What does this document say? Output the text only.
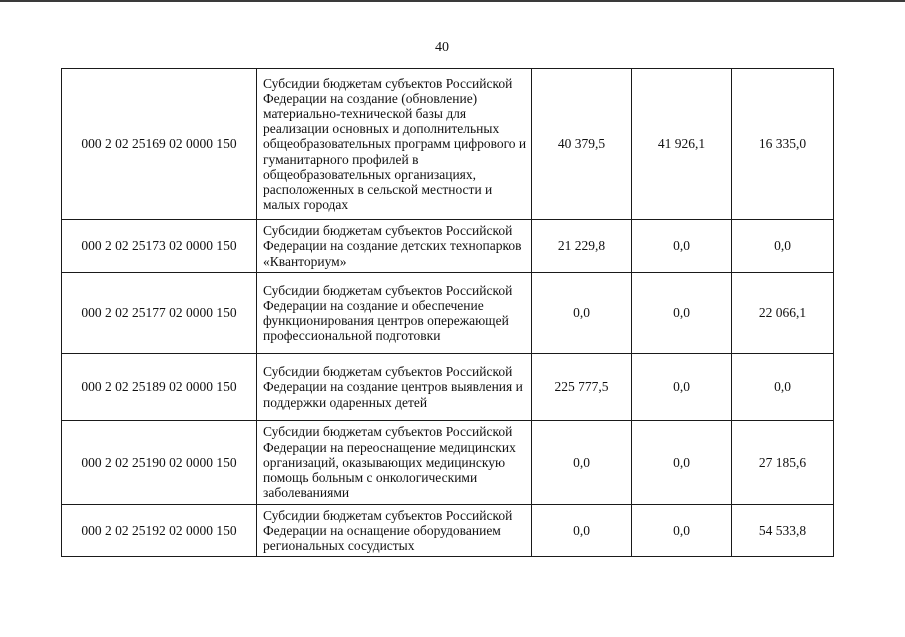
40
000 2 02 25169 02 0000 150	Субсидии бюджетам субъектов Российской Федерации на создание (обновление) материально-технической базы для реализации основных и дополнительных общеобразовательных программ цифрового и гуманитарного профилей в общеобразовательных организациях, расположенных в сельской местности и малых городах	40 379,5	41 926,1	16 335,0
000 2 02 25173 02 0000 150	Субсидии бюджетам субъектов Российской Федерации на создание детских технопарков «Кванториум»	21 229,8	0,0	0,0
000 2 02 25177 02 0000 150	Субсидии бюджетам субъектов Российской Федерации на создание и обеспечение функционирования центров опережающей профессиональной подготовки	0,0	0,0	22 066,1
000 2 02 25189 02 0000 150	Субсидии бюджетам субъектов Российской Федерации на создание центров выявления и поддержки одаренных детей	225 777,5	0,0	0,0
000 2 02 25190 02 0000 150	Субсидии бюджетам субъектов Российской Федерации на переоснащение медицинских организаций, оказывающих медицинскую помощь больным с онкологическими заболеваниями	0,0	0,0	27 185,6
000 2 02 25192 02 0000 150	Субсидии бюджетам субъектов Российской Федерации на оснащение оборудованием региональных сосудистых	0,0	0,0	54 533,8
